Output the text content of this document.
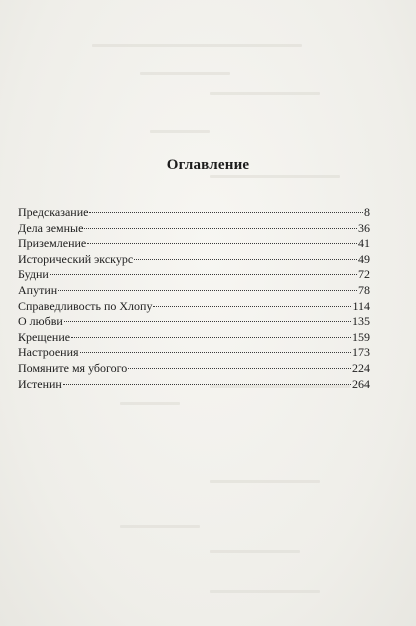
Оглавление
Предсказание	8
Дела земные	36
Приземление	41
Исторический экскурс	49
Будни	72
Апутин	78
Справедливость по Хлопу	114
О любви	135
Крещение	159
Настроения	173
Помяните мя убогого	224
Истенин	264
